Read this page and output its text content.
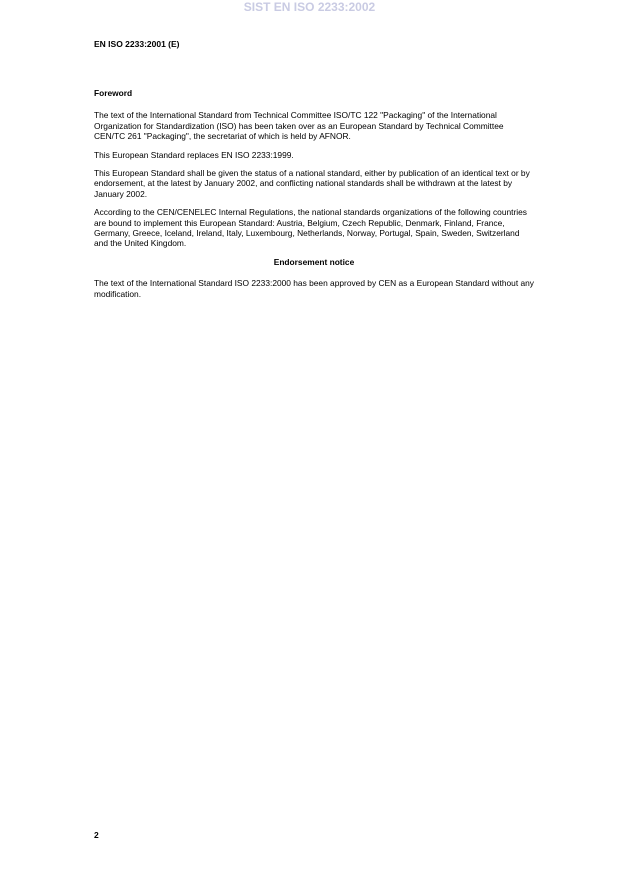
SIST EN ISO 2233:2002
EN ISO 2233:2001 (E)
Foreword

The text of the International Standard from Technical Committee ISO/TC 122 "Packaging" of the International Organization for Standardization (ISO) has been taken over as an European Standard by Technical Committee CEN/TC 261 "Packaging", the secretariat of which is held by AFNOR.

This European Standard replaces EN ISO 2233:1999.

This European Standard shall be given the status of a national standard, either by publication of an identical text or by endorsement, at the latest by January 2002, and conflicting national standards shall be withdrawn at the latest by January 2002.

According to the CEN/CENELEC Internal Regulations, the national standards organizations of the following countries are bound to implement this European Standard: Austria, Belgium, Czech Republic, Denmark, Finland, France, Germany, Greece, Iceland, Ireland, Italy, Luxembourg, Netherlands, Norway, Portugal, Spain, Sweden, Switzerland and the United Kingdom.

Endorsement notice

The text of the International Standard ISO 2233:2000 has been approved by CEN as a European Standard without any modification.

2
